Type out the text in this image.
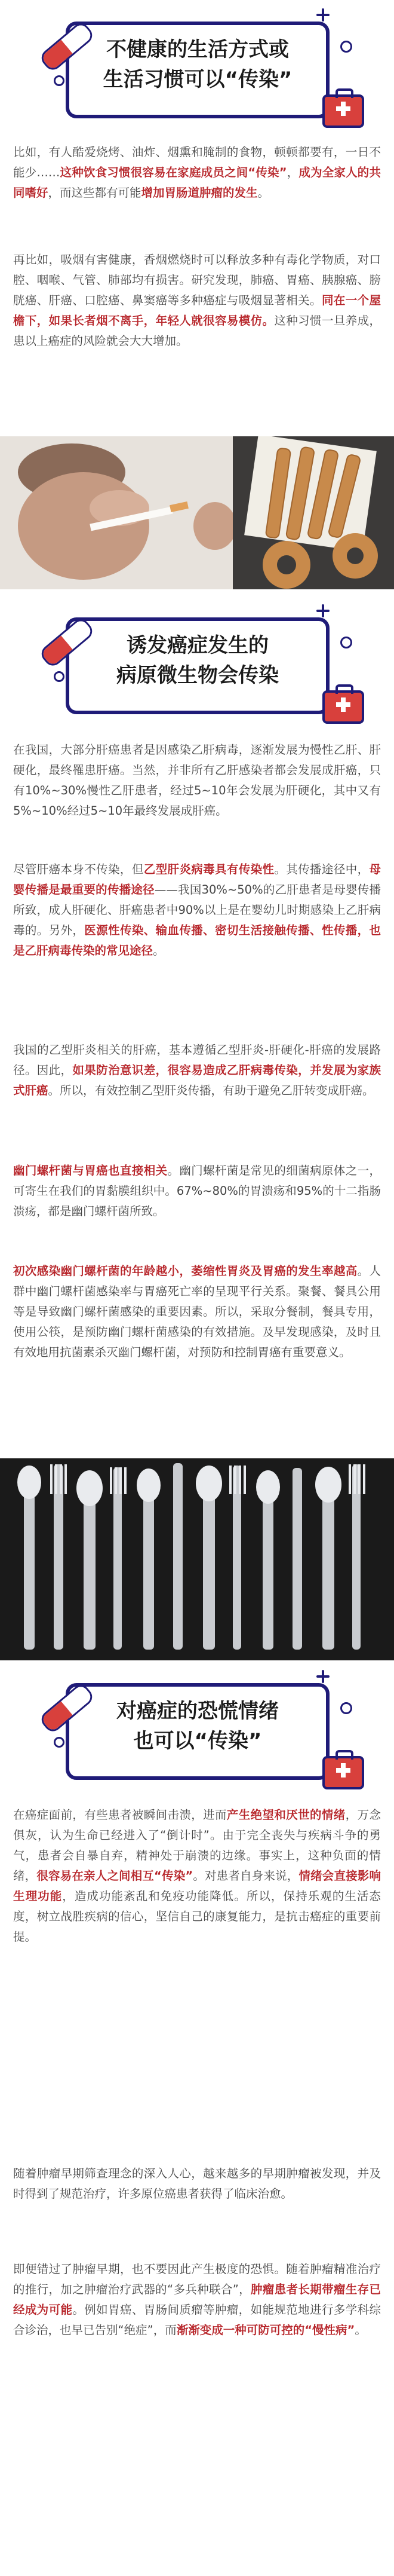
不健康的生活方式或
生活习惯可以“传染”

比如，有人酷爱烧烤、油炸、烟熏和腌制的食物，顿顿都要有，一日不能少……这种饮食习惯很容易在家庭成员之间“传染”，成为全家人的共同嗜好，而这些都有可能增加胃肠道肿瘤的发生。

再比如，吸烟有害健康，香烟燃烧时可以释放多种有毒化学物质，对口腔、咽喉、气管、肺部均有损害。研究发现，肺癌、胃癌、胰腺癌、膀胱癌、肝癌、口腔癌、鼻窦癌等多种癌症与吸烟显著相关。同在一个屋檐下，如果长者烟不离手，年轻人就很容易模仿。这种习惯一旦养成，患以上癌症的风险就会大大增加。

诱发癌症发生的
病原微生物会传染

在我国，大部分肝癌患者是因感染乙肝病毒，逐渐发展为慢性乙肝、肝硬化，最终罹患肝癌。当然，并非所有乙肝感染者都会发展成肝癌，只有10%~30%慢性乙肝患者，经过5~10年会发展为肝硬化，其中又有5%~10%经过5~10年最终发展成肝癌。

尽管肝癌本身不传染，但乙型肝炎病毒具有传染性。其传播途径中，母婴传播是最重要的传播途径——我国30%~50%的乙肝患者是母婴传播所致，成人肝硬化、肝癌患者中90%以上是在婴幼儿时期感染上乙肝病毒的。另外，医源性传染、输血传播、密切生活接触传播、性传播，也是乙肝病毒传染的常见途径。

我国的乙型肝炎相关的肝癌，基本遵循乙型肝炎-肝硬化-肝癌的发展路径。因此，如果防治意识差，很容易造成乙肝病毒传染，并发展为家族式肝癌。所以，有效控制乙型肝炎传播，有助于避免乙肝转变成肝癌。

幽门螺杆菌与胃癌也直接相关。幽门螺杆菌是常见的细菌病原体之一，可寄生在我们的胃黏膜组织中。67%~80%的胃溃疡和95%的十二指肠溃疡，都是幽门螺杆菌所致。

初次感染幽门螺杆菌的年龄越小，萎缩性胃炎及胃癌的发生率越高。人群中幽门螺杆菌感染率与胃癌死亡率的呈现平行关系。聚餐、餐具公用等是导致幽门螺杆菌感染的重要因素。所以，采取分餐制，餐具专用，使用公筷，是预防幽门螺杆菌感染的有效措施。及早发现感染，及时且有效地用抗菌素杀灭幽门螺杆菌，对预防和控制胃癌有重要意义。

对癌症的恐慌情绪
也可以“传染”

在癌症面前，有些患者被瞬间击溃，进而产生绝望和厌世的情绪，万念俱灰，认为生命已经进入了“倒计时”。由于完全丧失与疾病斗争的勇气，患者会自暴自弃，精神处于崩溃的边缘。事实上，这种负面的情绪，很容易在亲人之间相互“传染”。对患者自身来说，情绪会直接影响生理功能，造成功能紊乱和免疫功能降低。所以，保持乐观的生活态度，树立战胜疾病的信心，坚信自己的康复能力，是抗击癌症的重要前提。

随着肿瘤早期筛查理念的深入人心，越来越多的早期肿瘤被发现，并及时得到了规范治疗，许多原位癌患者获得了临床治愈。

即便错过了肿瘤早期，也不要因此产生极度的恐惧。随着肿瘤精准治疗的推行，加之肿瘤治疗武器的“多兵种联合”，肿瘤患者长期带瘤生存已经成为可能。例如胃癌、胃肠间质瘤等肿瘤，如能规范地进行多学科综合诊治，也早已告别“绝症”，而渐渐变成一种可防可控的“慢性病”。
